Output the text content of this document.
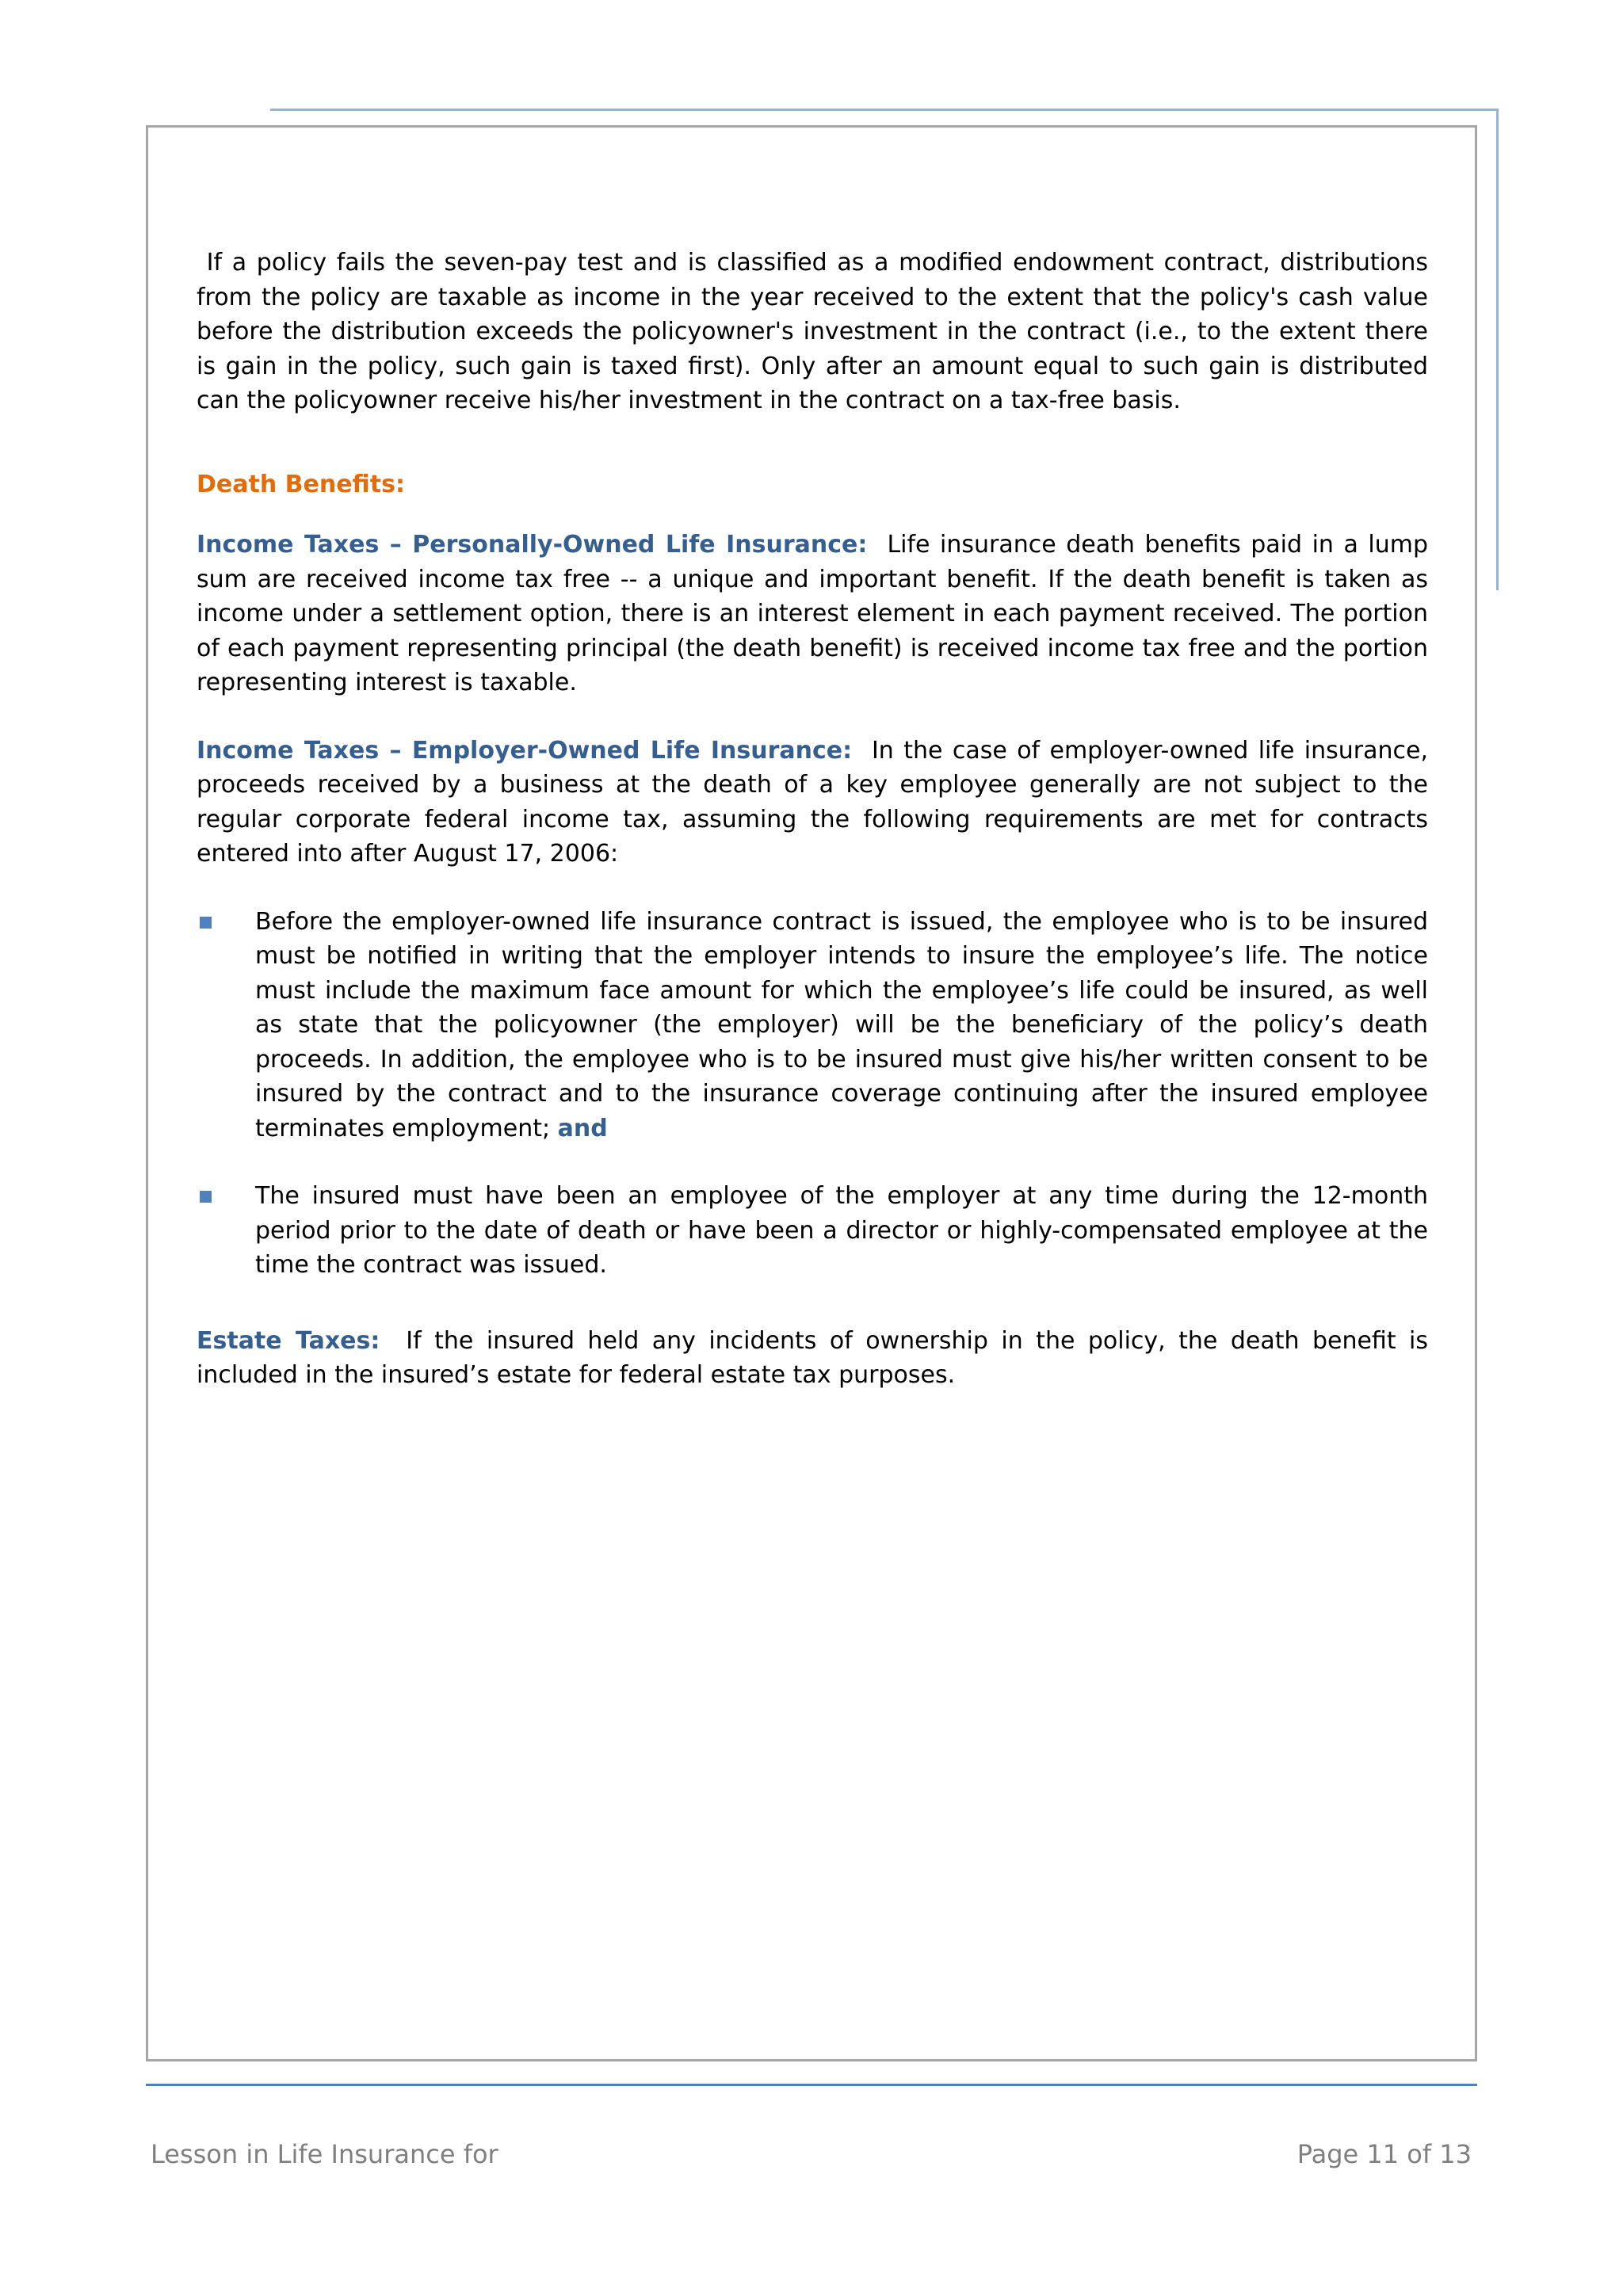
If a policy fails the seven-pay test and is classified as a modified endowment contract, distributions from the policy are taxable as income in the year received to the extent that the policy's cash value before the distribution exceeds the policyowner's investment in the contract (i.e., to the extent there is gain in the policy, such gain is taxed first). Only after an amount equal to such gain is distributed can the policyowner receive his/her investment in the contract on a tax-free basis.

Death Benefits:

Income Taxes – Personally-Owned Life Insurance: Life insurance death benefits paid in a lump sum are received income tax free -- a unique and important benefit. If the death benefit is taken as income under a settlement option, there is an interest element in each payment received. The portion of each payment representing principal (the death benefit) is received income tax free and the portion representing interest is taxable.

Income Taxes – Employer-Owned Life Insurance: In the case of employer-owned life insurance, proceeds received by a business at the death of a key employee generally are not subject to the regular corporate federal income tax, assuming the following requirements are met for contracts entered into after August 17, 2006:

Before the employer-owned life insurance contract is issued, the employee who is to be insured must be notified in writing that the employer intends to insure the employee’s life. The notice must include the maximum face amount for which the employee’s life could be insured, as well as state that the policyowner (the employer) will be the beneficiary of the policy’s death proceeds. In addition, the employee who is to be insured must give his/her written consent to be insured by the contract and to the insurance coverage continuing after the insured employee terminates employment; and

The insured must have been an employee of the employer at any time during the 12-month period prior to the date of death or have been a director or highly-compensated employee at the time the contract was issued.

Estate Taxes: If the insured held any incidents of ownership in the policy, the death benefit is included in the insured’s estate for federal estate tax purposes.

Lesson in Life Insurance for	Page 11 of 13
